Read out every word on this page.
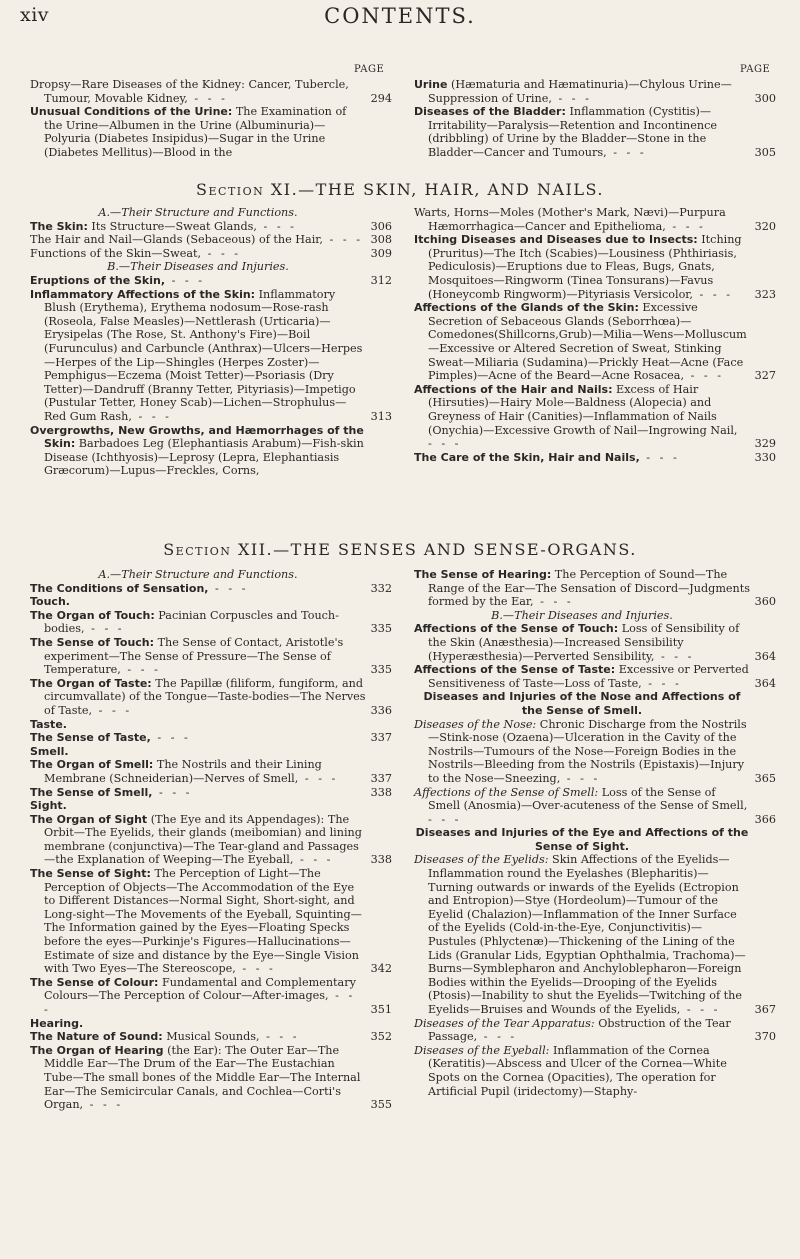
xiv	CONTENTS.
PAGE	PAGE

Dropsy—Rare Diseases of the Kidney: Cancer, Tubercle, Tumour, Movable Kidney, - - -	294

Unusual Conditions of the Urine: The Examination of the Urine—Albumen in the Urine (Albuminuria)—Polyuria (Diabetes Insipidus)—Sugar in the Urine (Diabetes Mellitus)—Blood in the

Urine (Hæmaturia and Hæmatinuria)—Chylous Urine—Suppression of Urine, - - -	300

Diseases of the Bladder: Inflammation (Cystitis)—Irritability—Paralysis—Retention and Incontinence (dribbling) of Urine by the Bladder—Stone in the Bladder—Cancer and Tumours, - - -	305

Section XI.—THE SKIN, HAIR, AND NAILS.

A.—Their Structure and Functions.

The Skin: Its Structure—Sweat Glands, - - -	306

The Hair and Nail—Glands (Sebaceous) of the Hair, - - - 308

Functions of the Skin—Sweat, - - -	309

B.—Their Diseases and Injuries.

Eruptions of the Skin, - - -	312

Inflammatory Affections of the Skin: Inflammatory Blush (Erythema), Erythema nodosum—Rose-rash (Roseola, False Measles)—Nettlerash (Urticaria)—Erysipelas (The Rose, St. Anthony's Fire)—Boil (Furunculus) and Carbuncle (Anthrax)—Ulcers—Herpes—Herpes of the Lip—Shingles (Herpes Zoster)—Pemphigus—Eczema (Moist Tetter)—Psoriasis (Dry Tetter)—Dandruff (Branny Tetter, Pityriasis)—Impetigo (Pustular Tetter, Honey Scab)—Lichen—Strophulus—Red Gum Rash, - - -	313

Overgrowths, New Growths, and Hæmorrhages of the Skin: Barbadoes Leg (Elephantiasis Arabum)—Fish-skin Disease (Ichthyosis)—Leprosy (Lepra, Elephantiasis Græcorum)—Lupus—Freckles, Corns,

Warts, Horns—Moles (Mother's Mark, Nævi)—Purpura Hæmorrhagica—Cancer and Epithelioma, - - -	320

Itching Diseases and Diseases due to Insects: Itching (Pruritus)—The Itch (Scabies)—Lousiness (Phthiriasis, Pediculosis)—Eruptions due to Fleas, Bugs, Gnats, Mosquitoes—Ringworm (Tinea Tonsurans)—Favus (Honeycomb Ringworm)—Pityriasis Versicolor, - - - 323

Affections of the Glands of the Skin: Excessive Secretion of Sebaceous Glands (Seborrhœa)—Comedones(Shillcorns,Grub)—Milia—Wens—Molluscum—Excessive or Altered Secretion of Sweat, Stinking Sweat—Miliaria (Sudamina)—Prickly Heat—Acne (Face Pimples)—Acne of the Beard—Acne Rosacea, - - -	327

Affections of the Hair and Nails: Excess of Hair (Hirsuties)—Hairy Mole—Baldness (Alopecia) and Greyness of Hair (Canities)—Inflammation of Nails (Onychia)—Excessive Growth of Nail—Ingrowing Nail, - - -	329

The Care of the Skin, Hair and Nails, - - -	330

Section XII.—THE SENSES AND SENSE-ORGANS.

A.—Their Structure and Functions.

The Conditions of Sensation, - - -	332

Touch.

The Organ of Touch: Pacinian Corpuscles and Touch-bodies, - - -	335

The Sense of Touch: The Sense of Contact, Aristotle's experiment—The Sense of Pressure—The Sense of Temperature, - - -	335

The Organ of Taste: The Papillæ (filiform, fungiform, and circumvallate) of the Tongue—Taste-bodies—The Nerves of Taste, - - -	336

Taste.

The Sense of Taste, - - -	337

Smell.

The Organ of Smell: The Nostrils and their Lining Membrane (Schneiderian)—Nerves of Smell, - - -	337

The Sense of Smell, - - -	338

Sight.

The Organ of Sight (The Eye and its Appendages): The Orbit—The Eyelids, their glands (meibomian) and lining membrane (conjunctiva)—The Tear-gland and Passages—the Explanation of Weeping—The Eyeball, - - -	338

The Sense of Sight: The Perception of Light—The Perception of Objects—The Accommodation of the Eye to Different Distances—Normal Sight, Short-sight, and Long-sight—The Movements of the Eyeball, Squinting—The Information gained by the Eyes—Floating Specks before the eyes—Purkinje's Figures—Hallucinations—Estimate of size and distance by the Eye—Single Vision with Two Eyes—The Stereoscope, - - -	342

The Sense of Colour: Fundamental and Complementary Colours—The Perception of Colour—After-images, - - -	351

Hearing.

The Nature of Sound: Musical Sounds, - - -	352

The Organ of Hearing (the Ear): The Outer Ear—The Middle Ear—The Drum of the Ear—The Eustachian Tube—The small bones of the Middle Ear—The Internal Ear—The Semicircular Canals, and Cochlea—Corti's Organ, - - -	355

The Sense of Hearing: The Perception of Sound—The Range of the Ear—The Sensation of Discord—Judgments formed by the Ear, - - -	360

B.—Their Diseases and Injuries.

Affections of the Sense of Touch: Loss of Sensibility of the Skin (Anæsthesia)—Increased Sensibility (Hyperæsthesia)—Perverted Sensibility, - - -	364

Affections of the Sense of Taste: Excessive or Perverted Sensitiveness of Taste—Loss of Taste, - - -	364

Diseases and Injuries of the Nose and Affections of the Sense of Smell.

Diseases of the Nose: Chronic Discharge from the Nostrils—Stink-nose (Ozaena)—Ulceration in the Cavity of the Nostrils—Tumours of the Nose—Foreign Bodies in the Nostrils—Bleeding from the Nostrils (Epistaxis)—Injury to the Nose—Sneezing, - - -	365

Affections of the Sense of Smell: Loss of the Sense of Smell (Anosmia)—Over-acuteness of the Sense of Smell, - - -	366

Diseases and Injuries of the Eye and Affections of the Sense of Sight.

Diseases of the Eyelids: Skin Affections of the Eyelids—Inflammation round the Eyelashes (Blepharitis)—Turning outwards or inwards of the Eyelids (Ectropion and Entropion)—Stye (Hordeolum)—Tumour of the Eyelid (Chalazion)—Inflammation of the Inner Surface of the Eyelids (Cold-in-the-Eye, Conjunctivitis)—Pustules (Phlyctenæ)—Thickening of the Lining of the Lids (Granular Lids, Egyptian Ophthalmia, Trachoma)—Burns—Symblepharon and Anchyloblepharon—Foreign Bodies within the Eyelids—Drooping of the Eyelids (Ptosis)—Inability to shut the Eyelids—Twitching of the Eyelids—Bruises and Wounds of the Eyelids, - - -	367

Diseases of the Tear Apparatus: Obstruction of the Tear Passage, - - -	370

Diseases of the Eyeball: Inflammation of the Cornea (Keratitis)—Abscess and Ulcer of the Cornea—White Spots on the Cornea (Opacities), The operation for Artificial Pupil (iridectomy)—Staphy-
